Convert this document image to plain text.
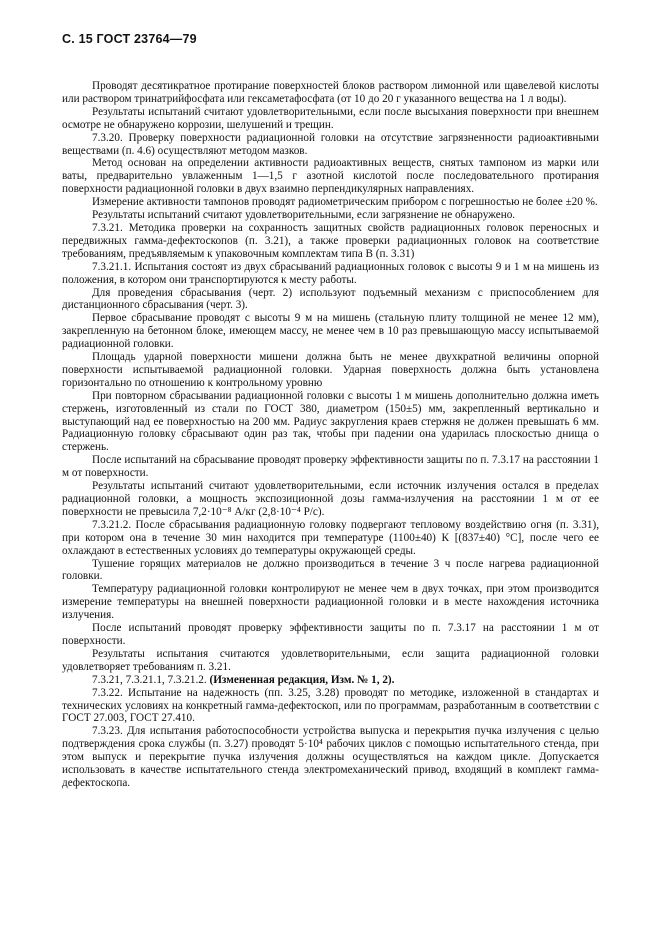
С. 15 ГОСТ 23764—79

Проводят десятикратное протирание поверхностей блоков раствором лимонной или щавелевой кислоты или раствором тринатрийфосфата или гексаметафосфата (от 10 до 20 г указанного вещества на 1 л воды).

Результаты испытаний считают удовлетворительными, если после высыхания поверхности при внешнем осмотре не обнаружено коррозии, шелушений и трещин.

7.3.20. Проверку поверхности радиационной головки на отсутствие загрязненности радиоактивными веществами (п. 4.6) осуществляют методом мазков.

Метод основан на определении активности радиоактивных веществ, снятых тампоном из марки или ваты, предварительно увлаженным 1—1,5 г азотной кислотой после последовательного протирания поверхности радиационной головки в двух взаимно перпендикулярных направлениях.

Измерение активности тампонов проводят радиометрическим прибором с погрешностью не более ±20 %.

Результаты испытаний считают удовлетворительными, если загрязнение не обнаружено.

7.3.21. Методика проверки на сохранность защитных свойств радиационных головок переносных и передвижных гамма-дефектоскопов (п. 3.21), а также проверки радиационных головок на соответствие требованиям, предъявляемым к упаковочным комплектам типа В (п. 3.31)

7.3.21.1. Испытания состоят из двух сбрасываний радиационных головок с высоты 9 и 1 м на мишень из положения, в котором они транспортируются к месту работы.

Для проведения сбрасывания (черт. 2) используют подъемный механизм с приспособлением для дистанционного сбрасывания (черт. 3).

Первое сбрасывание проводят с высоты 9 м на мишень (стальную плиту толщиной не менее 12 мм), закрепленную на бетонном блоке, имеющем массу, не менее чем в 10 раз превышающую массу испытываемой радиационной головки.

Площадь ударной поверхности мишени должна быть не менее двухкратной величины опорной поверхности испытываемой радиационной головки. Ударная поверхность должна быть установлена горизонтально по отношению к контрольному уровню

При повторном сбрасывании радиационной головки с высоты 1 м мишень дополнительно должна иметь стержень, изготовленный из стали по ГОСТ 380, диаметром (150±5) мм, закрепленный вертикально и выступающий над ее поверхностью на 200 мм. Радиус закругления краев стержня не должен превышать 6 мм. Радиационную головку сбрасывают один раз так, чтобы при падении она ударилась плоскостью днища о стержень.

После испытаний на сбрасывание проводят проверку эффективности защиты по п. 7.3.17 на расстоянии 1 м от поверхности.

Результаты испытаний считают удовлетворительными, если источник излучения остался в пределах радиационной головки, а мощность экспозиционной дозы гамма-излучения на расстоянии 1 м от ее поверхности не превысила 7,2·10⁻⁸ А/кг (2,8·10⁻⁴ Р/с).

7.3.21.2. После сбрасывания радиационную головку подвергают тепловому воздействию огня (п. 3.31), при котором она в течение 30 мин находится при температуре (1100±40) К [(837±40) °С], после чего ее охлаждают в естественных условиях до температуры окружающей среды.

Тушение горящих материалов не должно производиться в течение 3 ч после нагрева радиационной головки.

Температуру радиационной головки контролируют не менее чем в двух точках, при этом производится измерение температуры на внешней поверхности радиационной головки и в месте нахождения источника излучения.

После испытаний проводят проверку эффективности защиты по п. 7.3.17 на расстоянии 1 м от поверхности.

Результаты испытания считаются удовлетворительными, если защита радиационной головки удовлетворяет требованиям п. 3.21.

7.3.21, 7.3.21.1, 7.3.21.2. (Измененная редакция, Изм. № 1, 2).

7.3.22. Испытание на надежность (пп. 3.25, 3.28) проводят по методике, изложенной в стандартах и технических условиях на конкретный гамма-дефектоскоп, или по программам, разработанным в соответствии с ГОСТ 27.003, ГОСТ 27.410.

7.3.23. Для испытания работоспособности устройства выпуска и перекрытия пучка излучения с целью подтверждения срока службы (п. 3.27) проводят 5·10⁴ рабочих циклов с помощью испытательного стенда, при этом выпуск и перекрытие пучка излучения должны осуществляться на каждом цикле. Допускается использовать в качестве испытательного стенда электромеханический привод, входящий в комплект гамма-дефектоскопа.
